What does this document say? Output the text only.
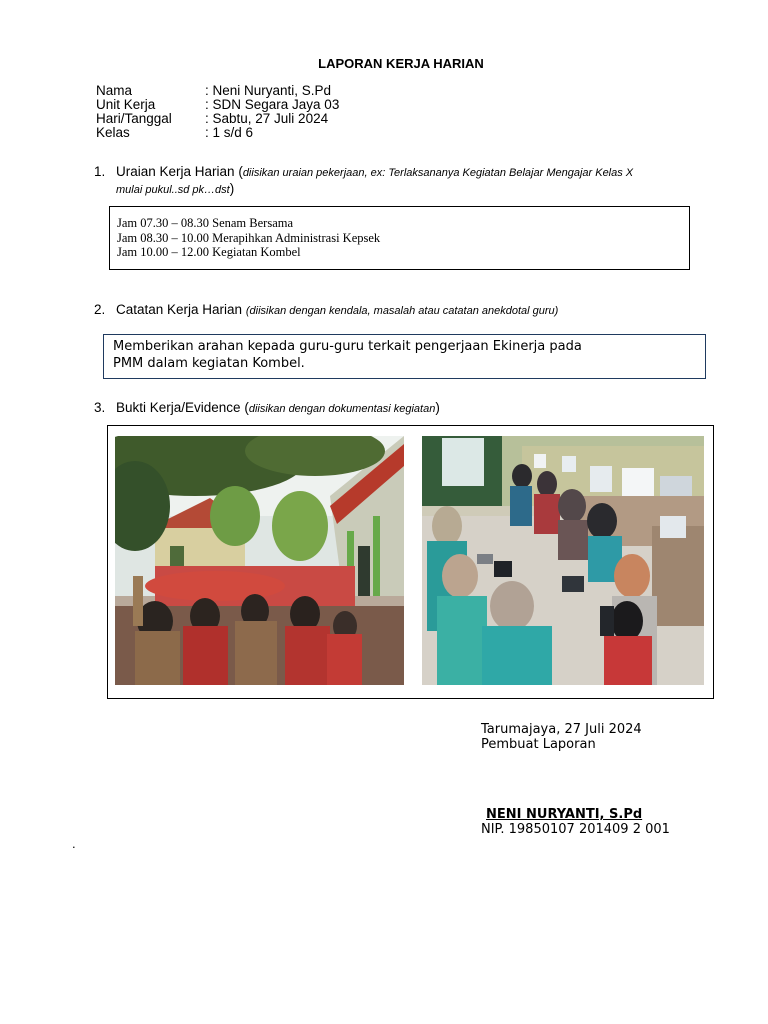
LAPORAN KERJA HARIAN
Nama	: Neni Nuryanti, S.Pd
Unit Kerja	: SDN Segara Jaya 03
Hari/Tanggal : Sabtu, 27 Juli 2024
Kelas	: 1 s/d 6
1. Uraian Kerja Harian (diisikan uraian pekerjaan, ex: Terlaksananya Kegiatan Belajar Mengajar Kelas X
mulai pukul..sd pk…dst)
Jam 07.30 – 08.30 Senam Bersama
Jam 08.30 – 10.00 Merapihkan Administrasi Kepsek
Jam 10.00 – 12.00 Kegiatan Kombel
2. Catatan Kerja Harian (diisikan dengan kendala, masalah atau catatan anekdotal guru)
Memberikan arahan kepada guru-guru terkait pengerjaan Ekinerja pada
PMM dalam kegiatan Kombel.
3. Bukti Kerja/Evidence (diisikan dengan dokumentasi kegiatan)
Tarumajaya, 27 Juli 2024
Pembuat Laporan
NENI NURYANTI, S.Pd
NIP. 19850107 201409 2 001
.
